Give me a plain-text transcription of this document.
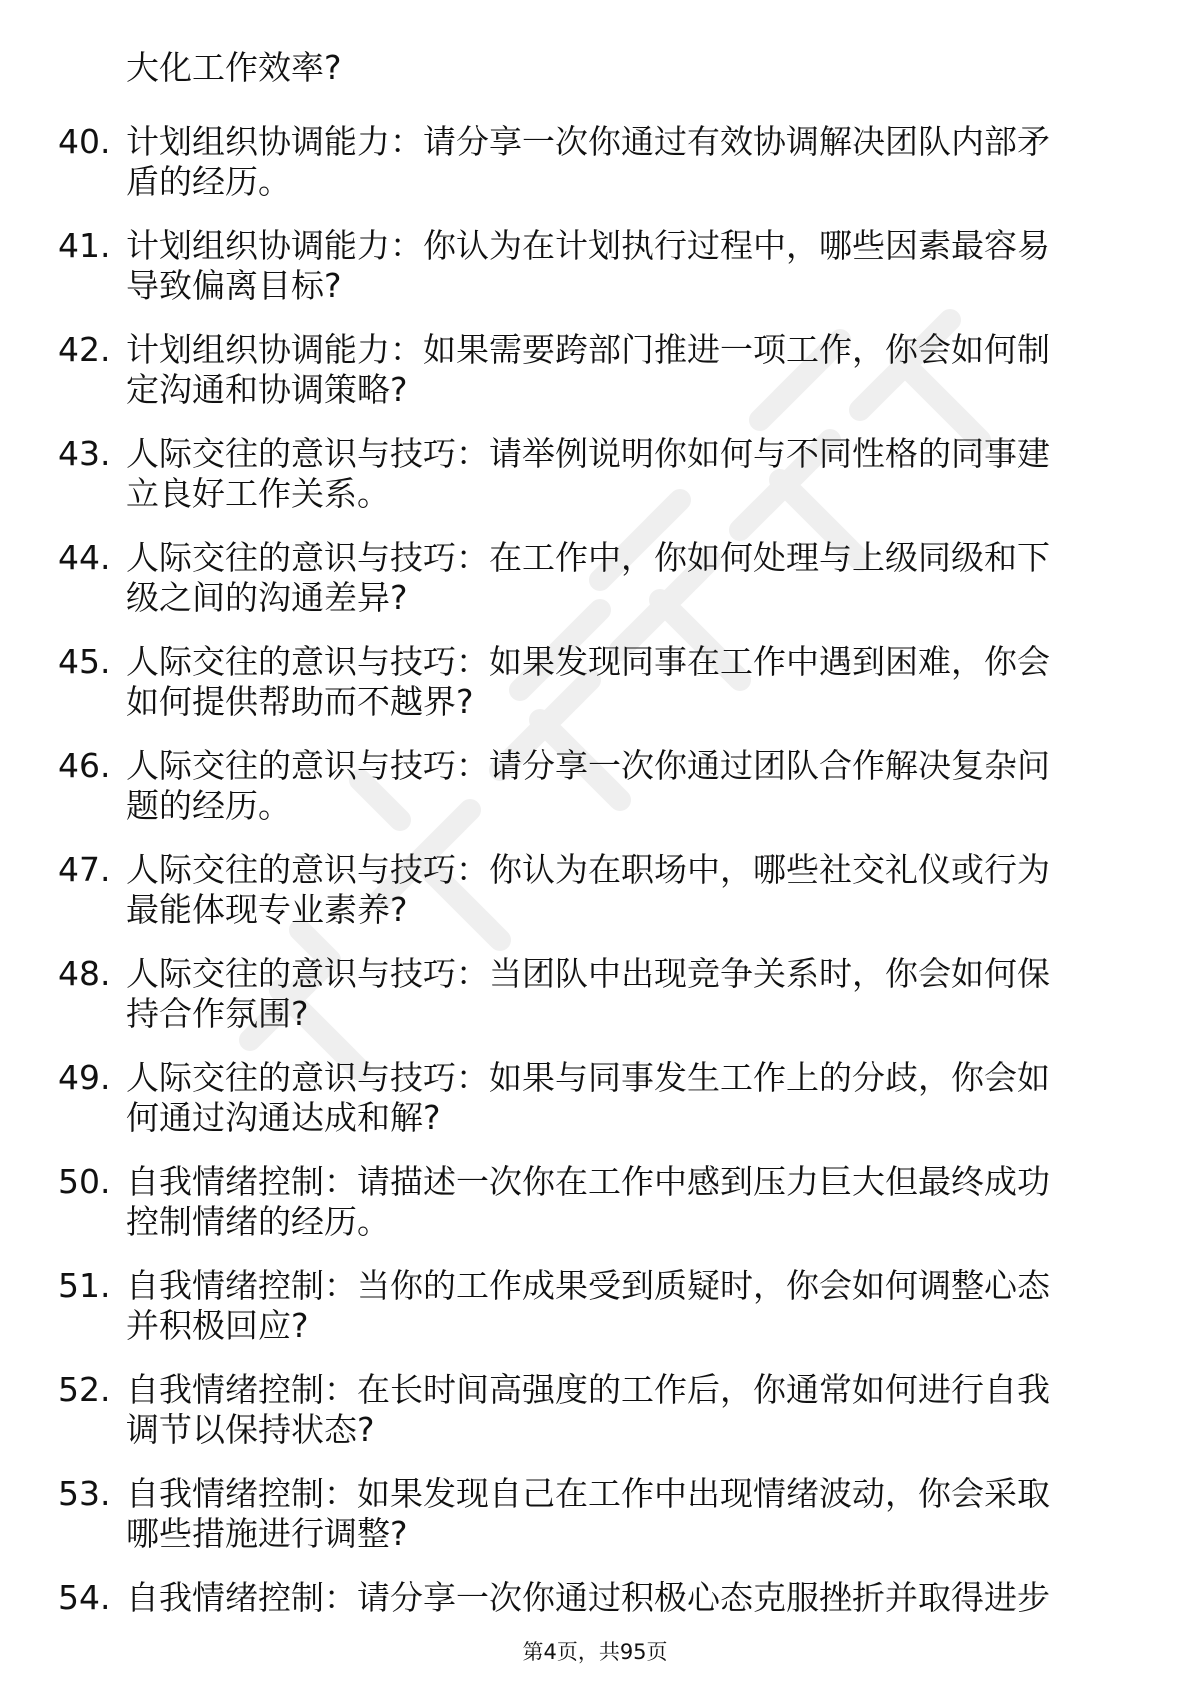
大化工作效率?
40. 计划组织协调能力：请分享一次你通过有效协调解决团队内部矛
盾的经历。
41. 计划组织协调能力：你认为在计划执行过程中，哪些因素最容易
导致偏离目标?
42. 计划组织协调能力：如果需要跨部门推进一项工作，你会如何制
定沟通和协调策略?
43. 人际交往的意识与技巧：请举例说明你如何与不同性格的同事建
立良好工作关系。
44. 人际交往的意识与技巧：在工作中，你如何处理与上级同级和下
级之间的沟通差异?
45. 人际交往的意识与技巧：如果发现同事在工作中遇到困难，你会
如何提供帮助而不越界?
46. 人际交往的意识与技巧：请分享一次你通过团队合作解决复杂问
题的经历。
47. 人际交往的意识与技巧：你认为在职场中，哪些社交礼仪或行为
最能体现专业素养?
48. 人际交往的意识与技巧：当团队中出现竞争关系时，你会如何保
持合作氛围?
49. 人际交往的意识与技巧：如果与同事发生工作上的分歧，你会如
何通过沟通达成和解?
50. 自我情绪控制：请描述一次你在工作中感到压力巨大但最终成功
控制情绪的经历。
51. 自我情绪控制：当你的工作成果受到质疑时，你会如何调整心态
并积极回应?
52. 自我情绪控制：在长时间高强度的工作后，你通常如何进行自我
调节以保持状态?
53. 自我情绪控制：如果发现自己在工作中出现情绪波动，你会采取
哪些措施进行调整?
54. 自我情绪控制：请分享一次你通过积极心态克服挫折并取得进步
第4页，共95页
